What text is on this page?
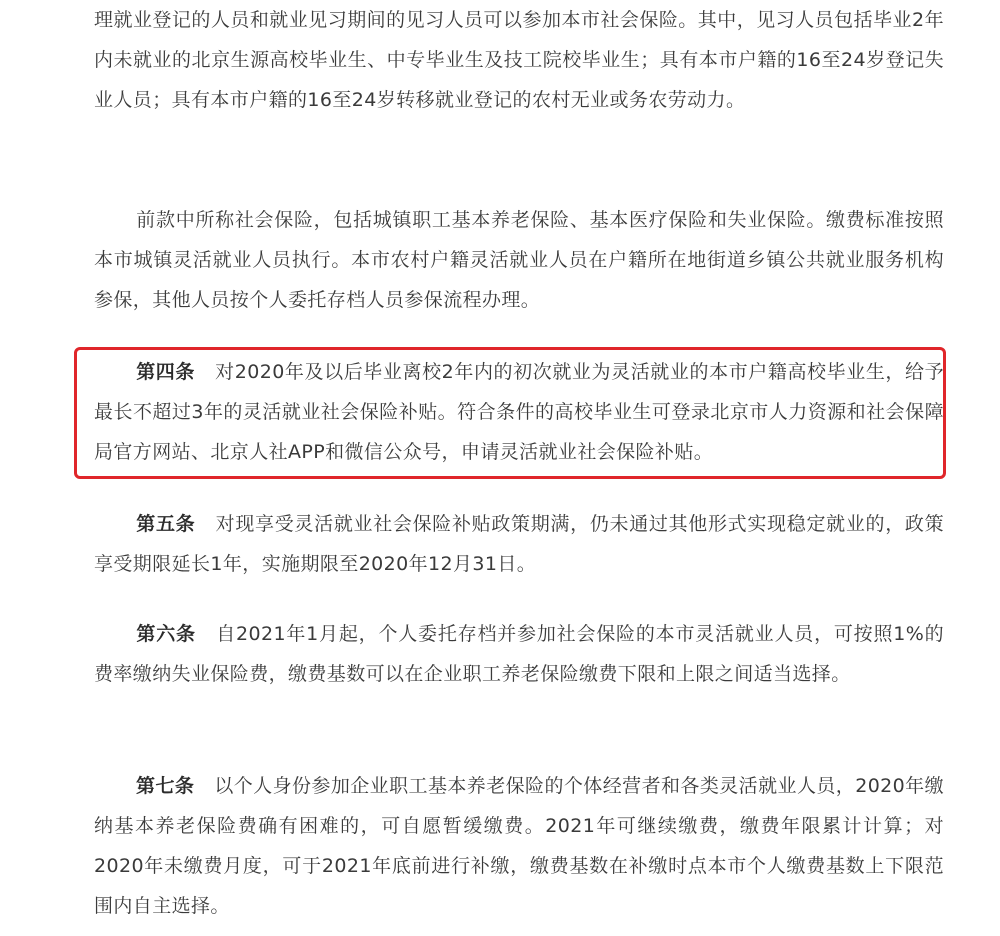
理就业登记的人员和就业见习期间的见习人员可以参加本市社会保险。其中，见习人员包括毕业2年内未就业的北京生源高校毕业生、中专毕业生及技工院校毕业生；具有本市户籍的16至24岁登记失业人员；具有本市户籍的16至24岁转移就业登记的农村无业或务农劳动力。

前款中所称社会保险，包括城镇职工基本养老保险、基本医疗保险和失业保险。缴费标准按照本市城镇灵活就业人员执行。本市农村户籍灵活就业人员在户籍所在地街道乡镇公共就业服务机构参保，其他人员按个人委托存档人员参保流程办理。

第四条 对2020年及以后毕业离校2年内的初次就业为灵活就业的本市户籍高校毕业生，给予最长不超过3年的灵活就业社会保险补贴。符合条件的高校毕业生可登录北京市人力资源和社会保障局官方网站、北京人社APP和微信公众号，申请灵活就业社会保险补贴。

第五条 对现享受灵活就业社会保险补贴政策期满，仍未通过其他形式实现稳定就业的，政策享受期限延长1年，实施期限至2020年12月31日。

第六条 自2021年1月起，个人委托存档并参加社会保险的本市灵活就业人员，可按照1%的费率缴纳失业保险费，缴费基数可以在企业职工养老保险缴费下限和上限之间适当选择。

第七条 以个人身份参加企业职工基本养老保险的个体经营者和各类灵活就业人员，2020年缴纳基本养老保险费确有困难的，可自愿暂缓缴费。2021年可继续缴费，缴费年限累计计算；对2020年未缴费月度，可于2021年底前进行补缴，缴费基数在补缴时点本市个人缴费基数上下限范围内自主选择。
